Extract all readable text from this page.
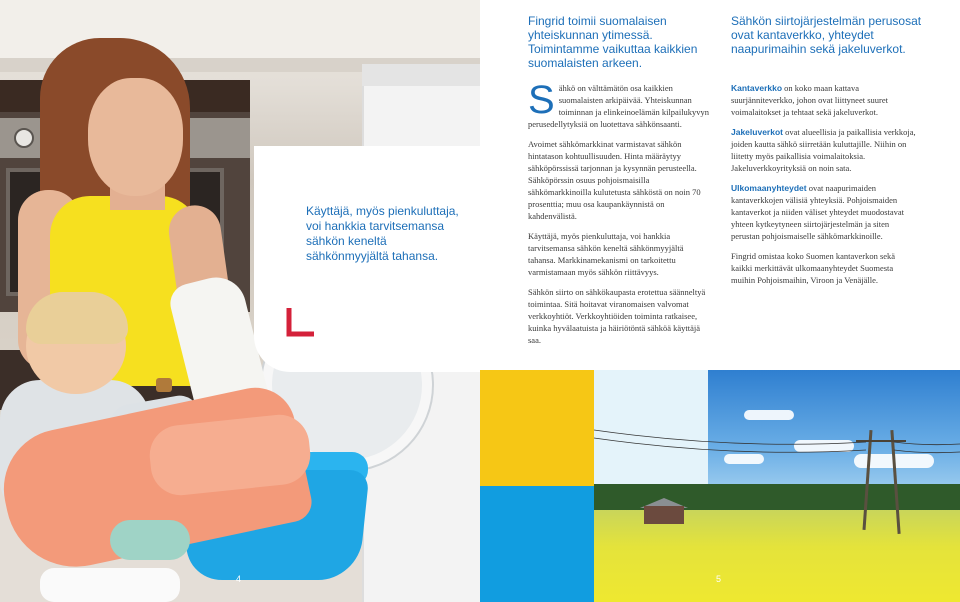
Käyttäjä, myös pienkuluttaja, voi hankkia tarvitsemansa sähkön keneltä sähkönmyyjältä tahansa.
4
Fingrid toimii suomalaisen yhteiskunnan ytimessä. Toimintamme vaikuttaa kaikkien suomalaisten arkeen.
Sähkön siirtojärjestelmän perusosat ovat kantaverkko, yhteydet naapurimaihin sekä jakeluverkot.

Sähkö on välttämätön osa kaikkien suomalaisten arkipäivää. Yhteiskunnan toiminnan ja elinkeinoelämän kilpailukyvyn perusedellytyksiä on luotettava sähkönsaanti.

Avoimet sähkömarkkinat varmistavat sähkön hintatason kohtuullisuuden. Hinta määräytyy sähköpörssissä tarjonnan ja kysynnän perusteella. Sähköpörssin osuus pohjoismaisilla sähkömarkkinoilla kulutetusta sähköstä on noin 70 prosenttia; muu osa kaupankäynnistä on kahdenvälistä.

Käyttäjä, myös pienkuluttaja, voi hankkia tarvitsemansa sähkön keneltä sähkönmyyjältä tahansa. Markkinamekanismi on tarkoitettu varmistamaan myös sähkön riittävyys.

Sähkön siirto on sähkökaupasta erotettua säänneltyä toimintaa. Sitä hoitavat viranomaisen valvomat verkkoyhtiöt. Verkkoyhtiöiden toiminta ratkaisee, kuinka hyvälaatuista ja häiriötöntä sähköä käyttäjä saa.

Kantaverkko on koko maan kattava suurjänniteverkko, johon ovat liittyneet suuret voimalaitokset ja tehtaat sekä jakeluverkot.

Jakeluverkot ovat alueellisia ja paikallisia verkkoja, joiden kautta sähkö siirretään kuluttajille. Niihin on liitetty myös paikallisia voimalaitoksia. Jakeluverkkoyrityksiä on noin sata.

Ulkomaanyhteydet ovat naapurimaiden kantaverkkojen välisiä yhteyksiä. Pohjoismaiden kantaverkot ja niiden väliset yhteydet muodostavat yhteen kytkeytyneen siirtojärjestelmän ja siten perustan pohjoismaiselle sähkömarkkinoille.

Fingrid omistaa koko Suomen kantaverkon sekä kaikki merkittävät ulkomaanyhteydet Suomesta muihin Pohjoismaihin, Viroon ja Venäjälle.

5
